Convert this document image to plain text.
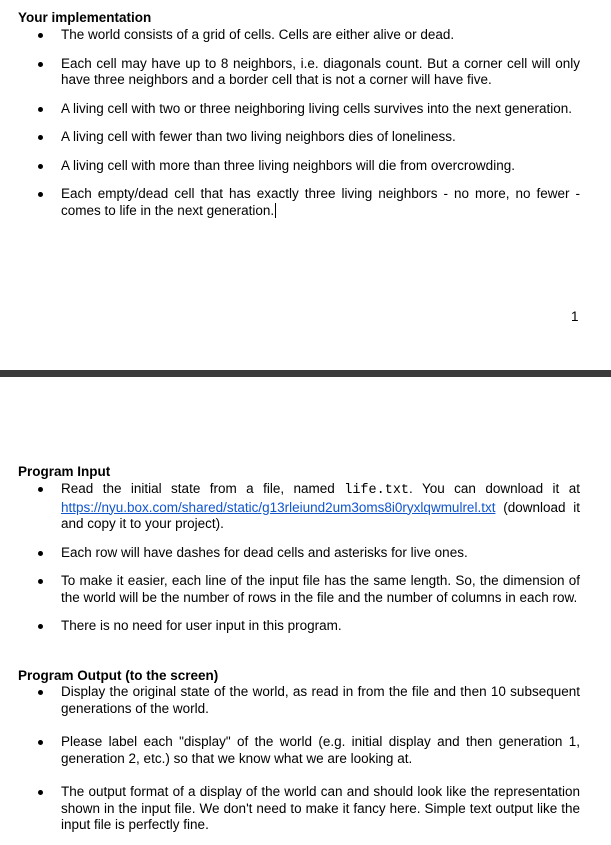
Your implementation
The world consists of a grid of cells. Cells are either alive or dead.
Each cell may have up to 8 neighbors, i.e. diagonals count. But a corner cell will only have three neighbors and a border cell that is not a corner will have five.
A living cell with two or three neighboring living cells survives into the next generation.
A living cell with fewer than two living neighbors dies of loneliness.
A living cell with more than three living neighbors will die from overcrowding.
Each empty/dead cell that has exactly three living neighbors - no more, no fewer - comes to life in the next generation.
1
Program Input
Read the initial state from a file, named life.txt. You can download it at https://nyu.box.com/shared/static/g13rleiund2um3oms8i0ryxlqwmulrel.txt (download it and copy it to your project).
Each row will have dashes for dead cells and asterisks for live ones.
To make it easier, each line of the input file has the same length. So, the dimension of the world will be the number of rows in the file and the number of columns in each row.
There is no need for user input in this program.
Program Output (to the screen)
Display the original state of the world, as read in from the file and then 10 subsequent generations of the world.
Please label each "display" of the world (e.g. initial display and then generation 1, generation 2, etc.) so that we know what we are looking at.
The output format of a display of the world can and should look like the representation shown in the input file. We don't need to make it fancy here. Simple text output like the input file is perfectly fine.
